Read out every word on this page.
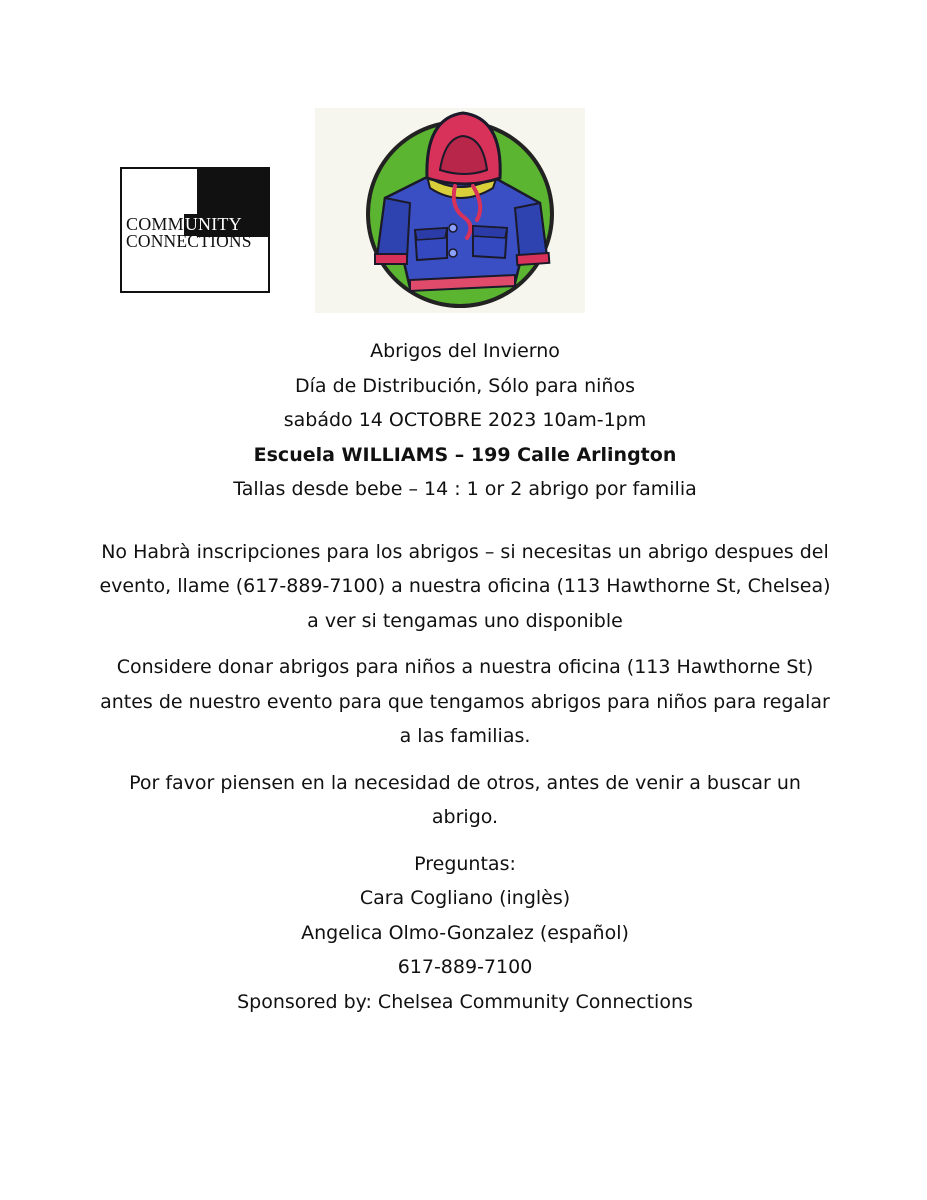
COMMUNITY
CONNECTIONS

Abrigos del Invierno

Día de Distribución, Sólo para niños

sabádo 14 OCTOBRE 2023 10am-1pm

Escuela WILLIAMS – 199 Calle Arlington

Tallas desde bebe – 14 : 1 or 2 abrigo por familia

No Habrà inscripciones para los abrigos – si necesitas un abrigo despues del evento, llame (617-889-7100) a nuestra oficina (113 Hawthorne St, Chelsea) a ver si tengamas uno disponible

Considere donar abrigos para niños a nuestra oficina (113 Hawthorne St) antes de nuestro evento para que tengamos abrigos para niños para regalar a las familias.

Por favor piensen en la necesidad de otros, antes de venir a buscar un abrigo.

Preguntas:

Cara Cogliano (inglès)

Angelica Olmo-Gonzalez (español)

617-889-7100

Sponsored by: Chelsea Community Connections
